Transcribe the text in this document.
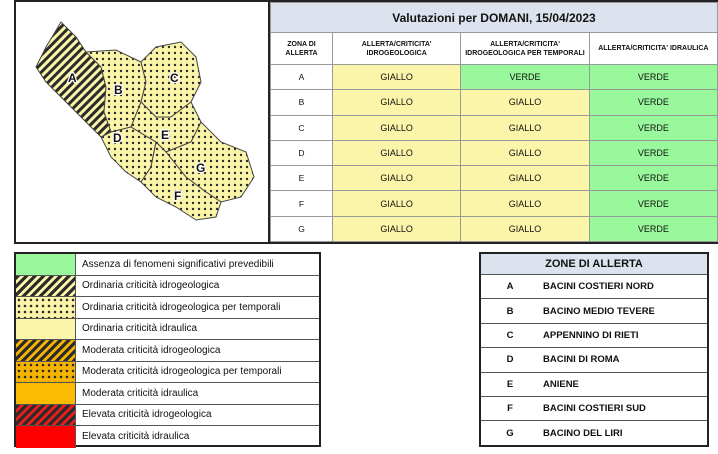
A
B
C
D	E
F
G
Valutazioni per DOMANI, 15/04/2023			
ZONA DI ALLERTA	ALLERTA/CRITICITA' IDROGEOLOGICA	ALLERTA/CRITICITA' IDROGEOLOGICA PER TEMPORALI	ALLERTA/CRITICITA' IDRAULICA
A	GIALLO	VERDE	VERDE
B	GIALLO	GIALLO	VERDE
C	GIALLO	GIALLO	VERDE
D	GIALLO	GIALLO	VERDE
E	GIALLO	GIALLO	VERDE
F	GIALLO	GIALLO	VERDE
G	GIALLO	GIALLO	VERDE
Assenza di fenomeni significativi prevedibili
Ordinaria criticità idrogeologica
Ordinaria criticità idrogeologica per temporali
Ordinaria criticità idraulica
Moderata criticità idrogeologica
Moderata criticità idrogeologica per temporali
Moderata criticità idraulica
Elevata criticità idrogeologica
Elevata criticità idraulica
ZONE DI ALLERTA
A	BACINI COSTIERI NORD
B	BACINO MEDIO TEVERE
C	APPENNINO DI RIETI
D	BACINI DI ROMA
E	ANIENE
F	BACINI COSTIERI SUD
G	BACINO DEL LIRI
